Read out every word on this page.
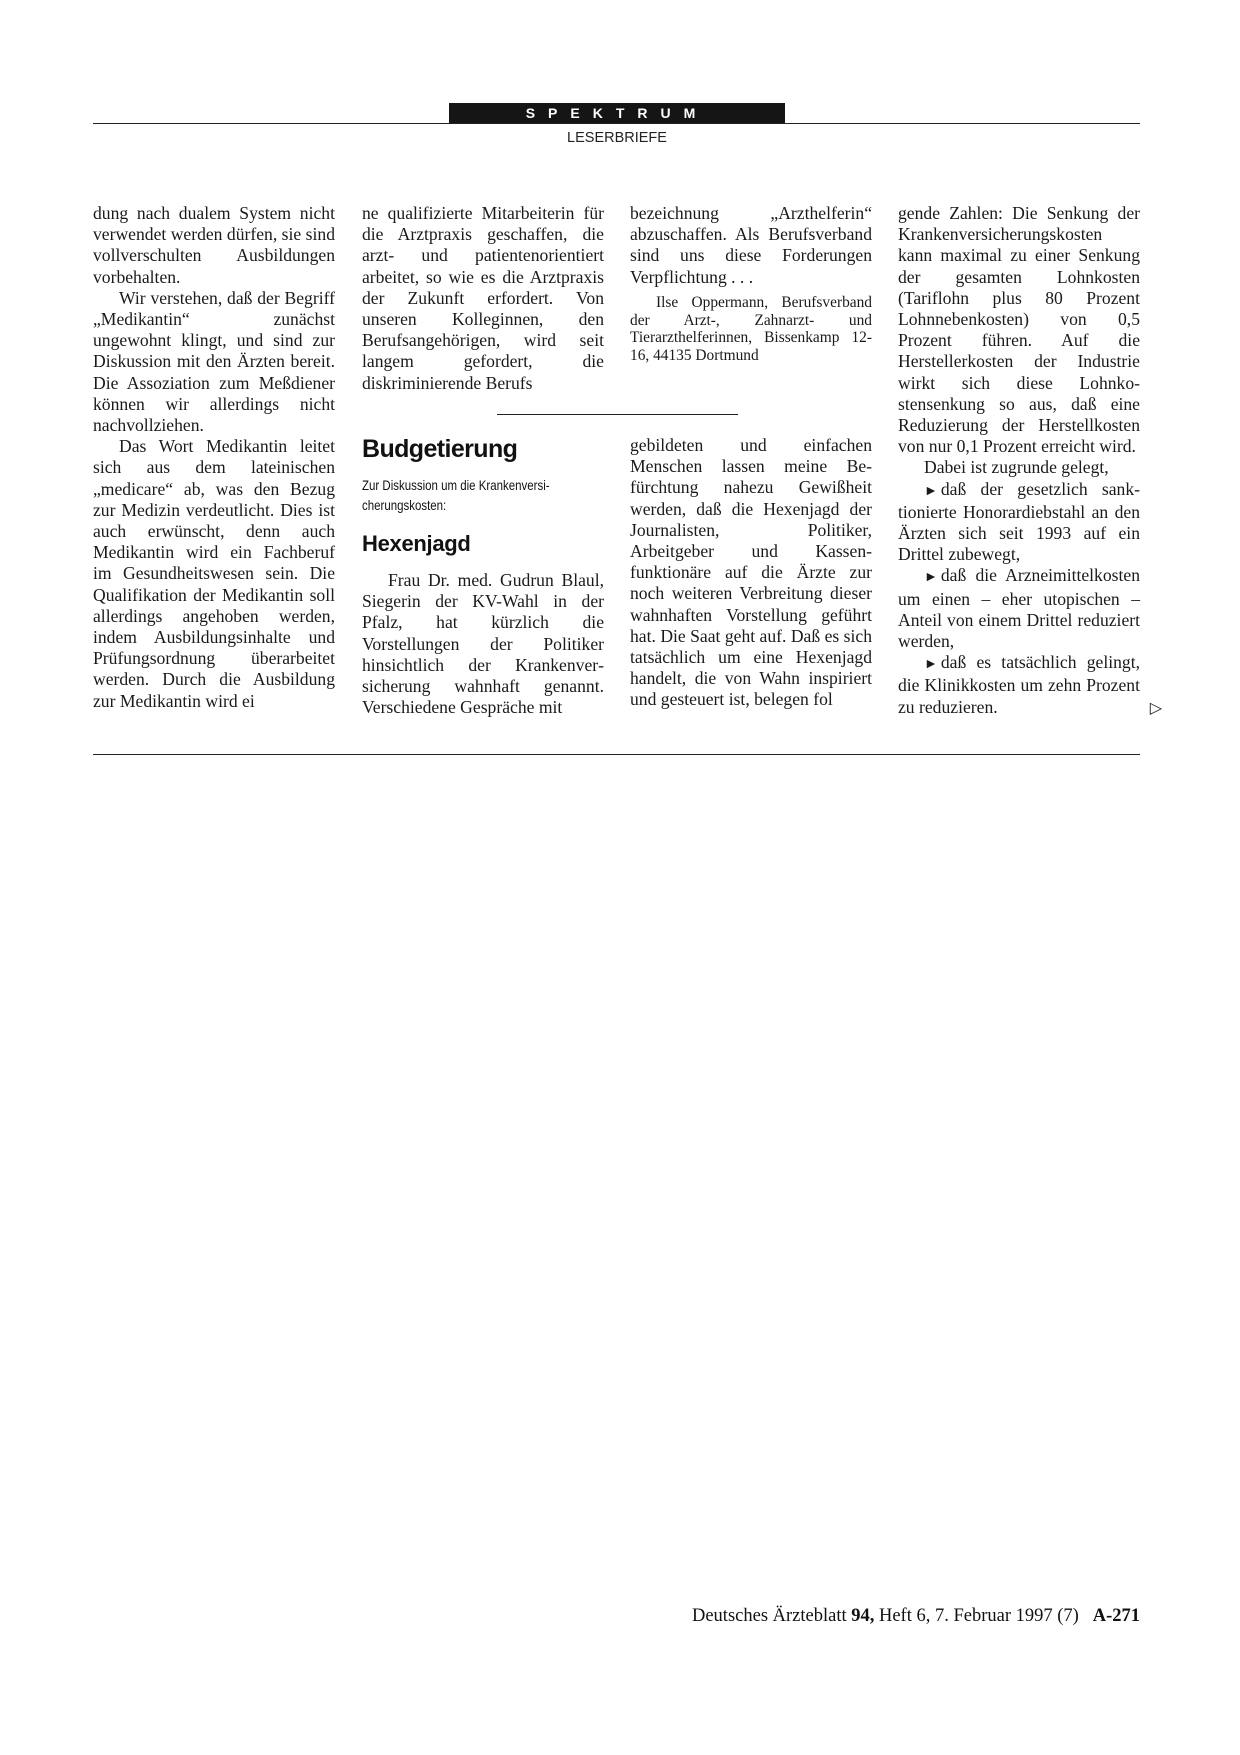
SPEKTRUM
LESERBRIEFE

dung nach dualem System nicht verwendet werden dürfen, sie sind vollverschulten Ausbildungen vorbehalten.

Wir verstehen, daß der Begriff „Medikantin“ zunächst ungewohnt klingt, und sind zur Diskussion mit den Ärzten bereit. Die Assoziation zum Meßdiener können wir allerdings nicht nachvollziehen.

Das Wort Medikantin leitet sich aus dem lateinischen „medicare“ ab, was den Bezug zur Medizin verdeutlicht. Dies ist auch erwünscht, denn auch Medikantin wird ein Fachberuf im Gesundheitswesen sein. Die Qualifikation der Medikantin soll allerdings angehoben werden, indem Ausbildungsinhalte und Prüfungsordnung überarbeitet werden. Durch die Ausbildung zur Medikantin wird ei

ne qualifizierte Mitarbeiterin für die Arztpraxis geschaffen, die arzt- und patientenorientiert arbeitet, so wie es die Arztpraxis der Zukunft erfordert. Von unseren Kolleginnen, den Berufsangehörigen, wird seit langem gefordert, die diskriminierende Berufs

bezeichnung „Arzthelferin“ abzuschaffen. Als Berufsverband sind uns diese Forderungen Verpflichtung . . .

Ilse Oppermann, Berufsverband der Arzt-, Zahnarzt- und Tierarzthelferinnen, Bissenkamp 12-16, 44135 Dortmund

Budgetierung
Zur Diskussion um die Krankenversicherungskosten:
Hexenjagd

Frau Dr. med. Gudrun Blaul, Siegerin der KV-Wahl in der Pfalz, hat kürzlich die Vorstellungen der Politiker hinsichtlich der Krankenversicherung wahnhaft genannt. Verschiedene Gespräche mit

gebildeten und einfachen Menschen lassen meine Befürchtung nahezu Gewißheit werden, daß die Hexenjagd der Journalisten, Politiker, Arbeitgeber und Kassenfunktionäre auf die Ärzte zur noch weiteren Verbreitung dieser wahnhaften Vorstellung geführt hat. Die Saat geht auf. Daß es sich tatsächlich um eine Hexenjagd handelt, die von Wahn inspiriert und gesteuert ist, belegen fol

gende Zahlen: Die Senkung der Krankenversicherungskosten kann maximal zu einer Senkung der gesamten Lohnkosten (Tariflohn plus 80 Prozent Lohnnebenkosten) von 0,5 Prozent führen. Auf die Herstellerkosten der Industrie wirkt sich diese Lohnkostensenkung so aus, daß eine Reduzierung der Herstellkosten von nur 0,1 Prozent erreicht wird.

Dabei ist zugrunde gelegt,

► daß der gesetzlich sanktionierte Honorardiebstahl an den Ärzten sich seit 1993 auf ein Drittel zubewegt,

► daß die Arzneimittelkosten um einen – eher utopischen – Anteil von einem Drittel reduziert werden,

► daß es tatsächlich gelingt, die Klinikkosten um zehn Prozent zu reduzieren.	▷

Deutsches Ärzteblatt 94, Heft 6, 7. Februar 1997 (7) A-271
